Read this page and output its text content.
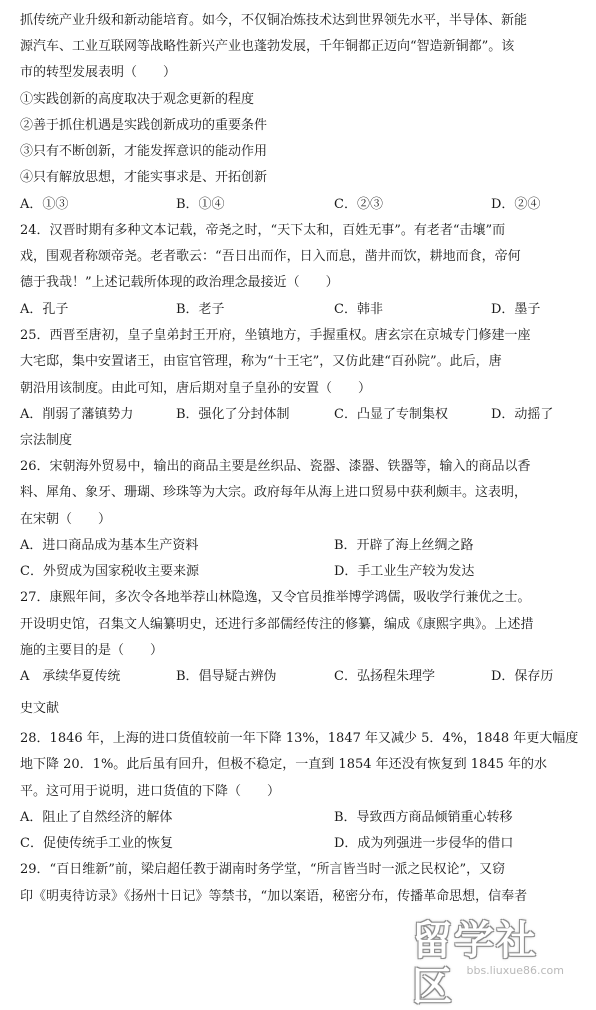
抓传统产业升级和新动能培育。如今，不仅铜冶炼技术达到世界领先水平，半导体、新能
源汽车、工业互联网等战略性新兴产业也蓬勃发展，千年铜都正迈向“智造新铜都”。该
市的转型发展表明（　　）
①实践创新的高度取决于观念更新的程度
②善于抓住机遇是实践创新成功的重要条件
③只有不断创新，才能发挥意识的能动作用
④只有解放思想，才能实事求是、开拓创新
A．①③	B．①④	C．②③	D．②④
24．汉晋时期有多种文本记载，帝尧之时，“天下太和，百姓无事”。有老者“击壤”而
戏，围观者称颂帝尧。老者歌云：“吾日出而作，日入而息，凿井而饮，耕地而食，帝何
德于我哉！”上述记载所体现的政治理念最接近（　　）
A．孔子	B．老子	C．韩非	D．墨子
25．西晋至唐初，皇子皇弟封王开府，坐镇地方，手握重权。唐玄宗在京城专门修建一座
大宅邸，集中安置诸王，由宦官管理，称为“十王宅”，又仿此建“百孙院”。此后，唐
朝沿用该制度。由此可知，唐后期对皇子皇孙的安置（　　）
A．削弱了藩镇势力	B．强化了分封体制	C．凸显了专制集权	D．动摇了
宗法制度
26．宋朝海外贸易中，输出的商品主要是丝织品、瓷器、漆器、铁器等，输入的商品以香
料、犀角、象牙、珊瑚、珍珠等为大宗。政府每年从海上进口贸易中获利颇丰。这表明，
在宋朝（　　）
A．进口商品成为基本生产资料	B．开辟了海上丝绸之路
C．外贸成为国家税收主要来源	D．手工业生产较为发达
27．康熙年间，多次令各地举荐山林隐逸，又令官员推举博学鸿儒，吸收学行兼优之士。
开设明史馆，召集文人编纂明史，还进行多部儒经传注的修纂，编成《康熙字典》。上述措
施的主要目的是（　　）
A　承续华夏传统	B．倡导疑古辨伪	C．弘扬程朱理学	D．保存历
史文献
28．1846 年，上海的进口货值较前一年下降 13%，1847 年又减少 5．4%，1848 年更大幅度
地下降 20．1%。此后虽有回升，但极不稳定，一直到 1854 年还没有恢复到 1845 年的水
平。这可用于说明，进口货值的下降（　　）
A．阻止了自然经济的解体	B．导致西方商品倾销重心转移
C．促使传统手工业的恢复	D．成为列强进一步侵华的借口
29．“百日维新”前，梁启超任教于湖南时务学堂，“所言皆当时一派之民权论”，又窃
印《明夷待访录》《扬州十日记》等禁书，“加以案语，秘密分布，传播革命思想，信奉者
留学社区	bbs.liuxue86.com
